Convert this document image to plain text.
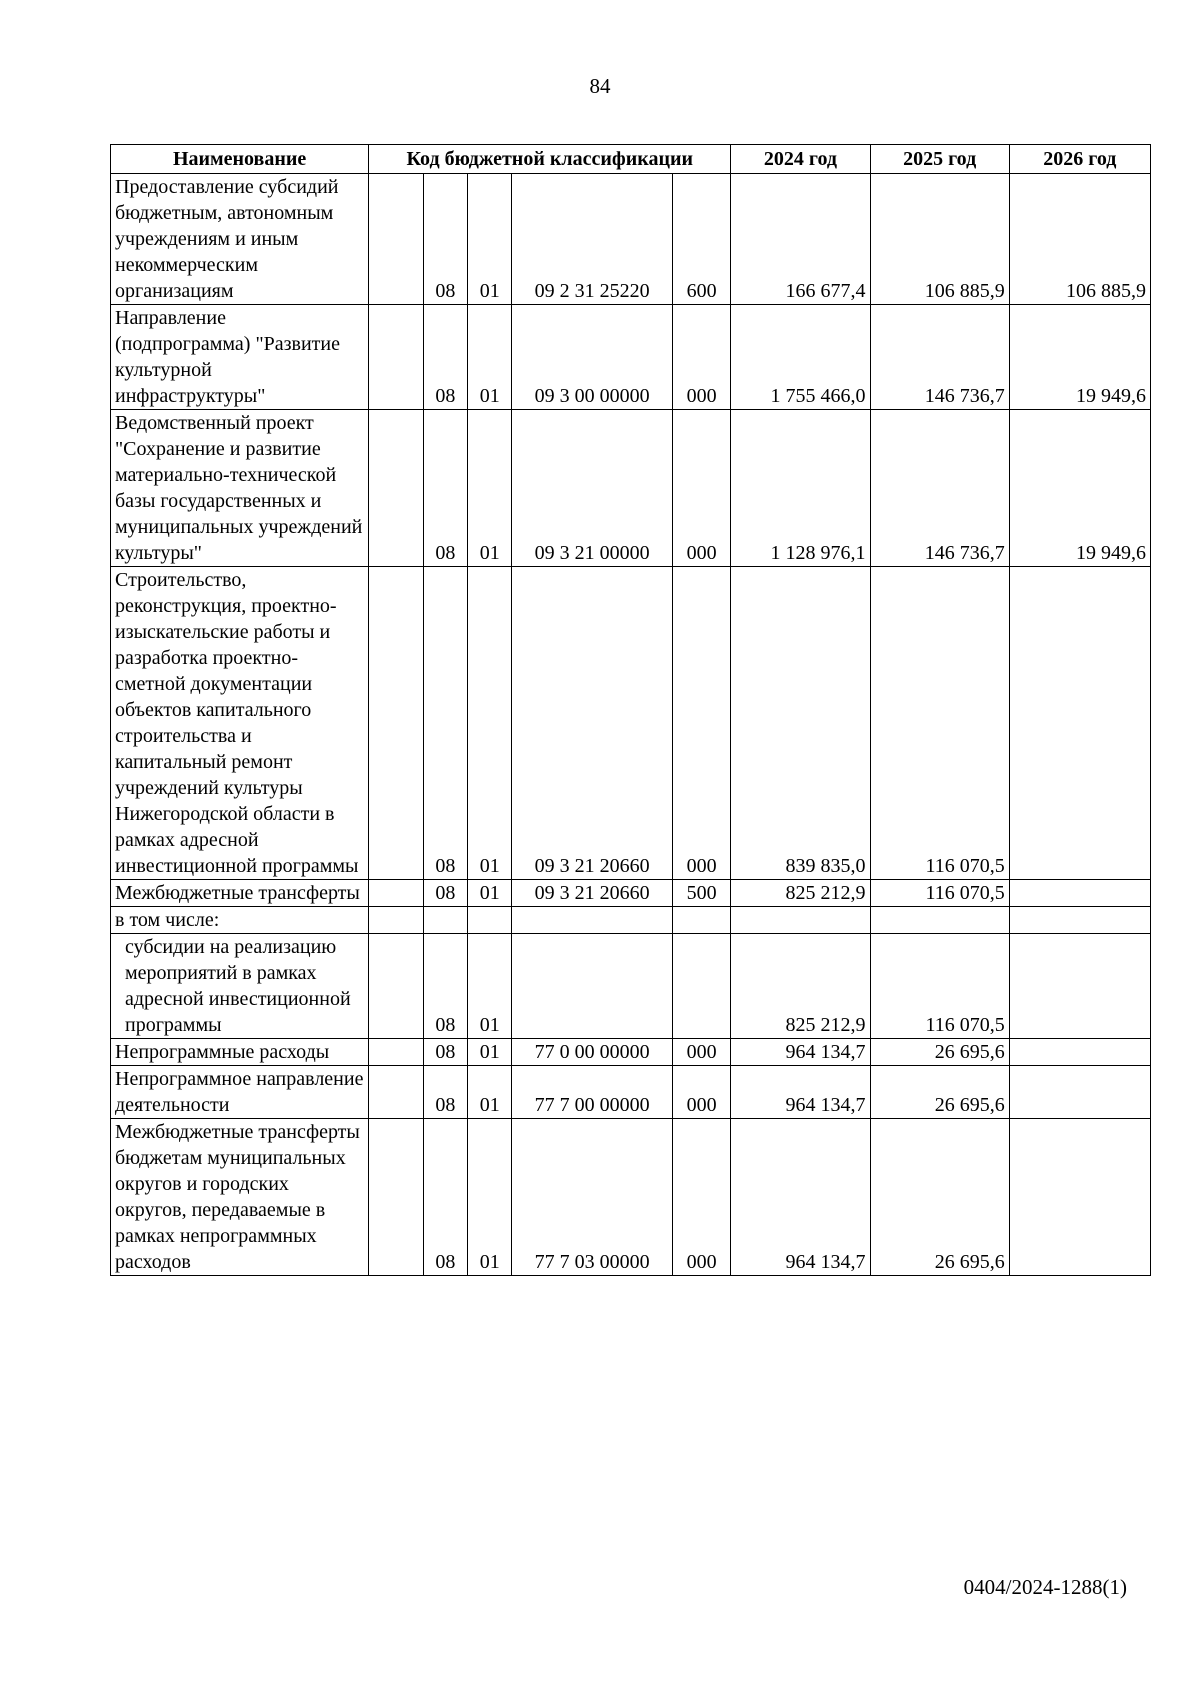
84
Наименование	Код бюджетной классификации					2024 год	2025 год	2026 год
Предоставление субсидий бюджетным, автономным учреждениям и иным некоммерческим организациям		08	01	09 2 31 25220	600	166 677,4	106 885,9	106 885,9
Направление (подпрограмма) "Развитие культурной инфраструктуры"		08	01	09 3 00 00000	000	1 755 466,0	146 736,7	19 949,6
Ведомственный проект "Сохранение и развитие материально-технической базы государственных и муниципальных учреждений культуры"		08	01	09 3 21 00000	000	1 128 976,1	146 736,7	19 949,6
Строительство, реконструкция, проектно-изыскательские работы и разработка проектно-сметной документации объектов капитального строительства и капитальный ремонт учреждений культуры Нижегородской области в рамках адресной инвестиционной программы		08	01	09 3 21 20660	000	839 835,0	116 070,5	
Межбюджетные трансферты		08	01	09 3 21 20660	500	825 212,9	116 070,5	
в том числе:								

субсидии на реализацию мероприятий в рамках адресной инвестиционной программы		08	01			825 212,9	116 070,5	
Непрограммные расходы		08	01	77 0 00 00000	000	964 134,7	26 695,6	
Непрограммное направление деятельности		08	01	77 7 00 00000	000	964 134,7	26 695,6	
Межбюджетные трансферты бюджетам муниципальных округов и городских округов, передаваемые в рамках непрограммных расходов		08	01	77 7 03 00000	000	964 134,7	26 695,6	
0404/2024-1288(1)
